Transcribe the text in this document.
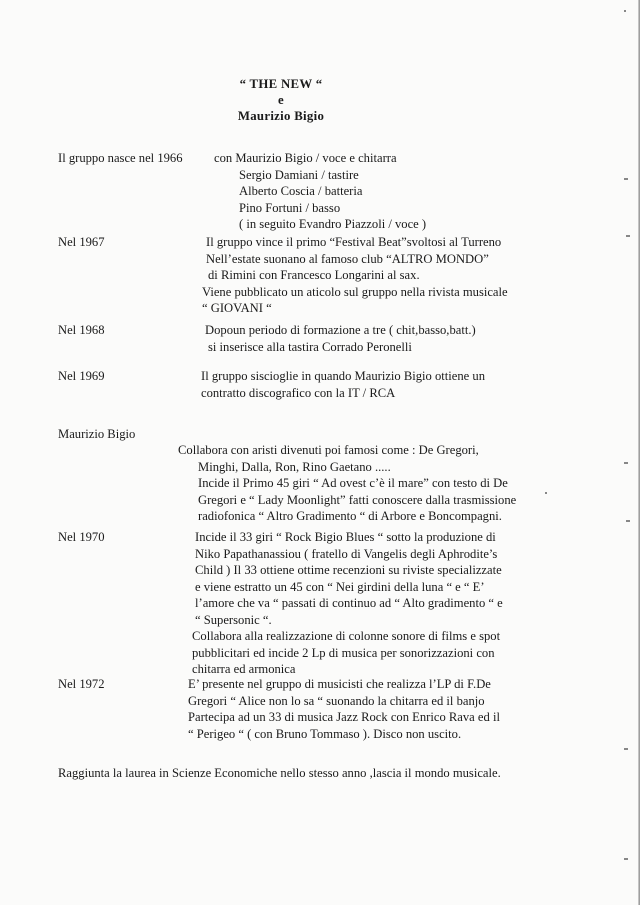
“ THE NEW “
e
Maurizio Bigio
Il gruppo nasce nel 1966 con Maurizio Bigio / voce e chitarra
Sergio Damiani / tastire
Alberto Coscia / batteria
Pino Fortuni / basso
( in seguito Evandro Piazzoli / voce )
Nel 1967	Il gruppo vince il primo “Festival Beat”svoltosi al Turreno
Nell’estate suonano al famoso club “ALTRO MONDO”
di Rimini con Francesco Longarini al sax.
Viene pubblicato un aticolo sul gruppo nella rivista musicale
“ GIOVANI “
Nel 1968	Dopoun periodo di formazione a tre ( chit,basso,batt.)
si inserisce alla tastira Corrado Peronelli
Nel 1969	Il gruppo siscioglie in quando Maurizio Bigio ottiene un
contratto discografico con la IT / RCA
Maurizio Bigio
Collabora con aristi divenuti poi famosi come : De Gregori,
Minghi, Dalla, Ron, Rino Gaetano .....
Incide il Primo 45 giri “ Ad ovest c’è il mare” con testo di De
Gregori e “ Lady Moonlight” fatti conoscere dalla trasmissione
radiofonica “ Altro Gradimento “ di Arbore e Boncompagni.
Nel 1970	Incide il 33 giri “ Rock Bigio Blues “ sotto la produzione di
Niko Papathanassiou ( fratello di Vangelis degli Aphrodite’s
Child ) Il 33 ottiene ottime recenzioni su riviste specializzate
e viene estratto un 45 con “ Nei girdini della luna “ e “ E’
l’amore che va “ passati di continuo ad “ Alto gradimento “ e
“ Supersonic “.
Collabora alla realizzazione di colonne sonore di films e spot
pubblicitari ed incide 2 Lp di musica per sonorizzazioni con
chitarra ed armonica
Nel 1972	E’ presente nel gruppo di musicisti che realizza l’LP di F.De
Gregori “ Alice non lo sa “ suonando la chitarra ed il banjo
Partecipa ad un 33 di musica Jazz Rock con Enrico Rava ed il
“ Perigeo “ ( con Bruno Tommaso ). Disco non uscito.
Raggiunta la laurea in Scienze Economiche nello stesso anno ,lascia il mondo musicale.
